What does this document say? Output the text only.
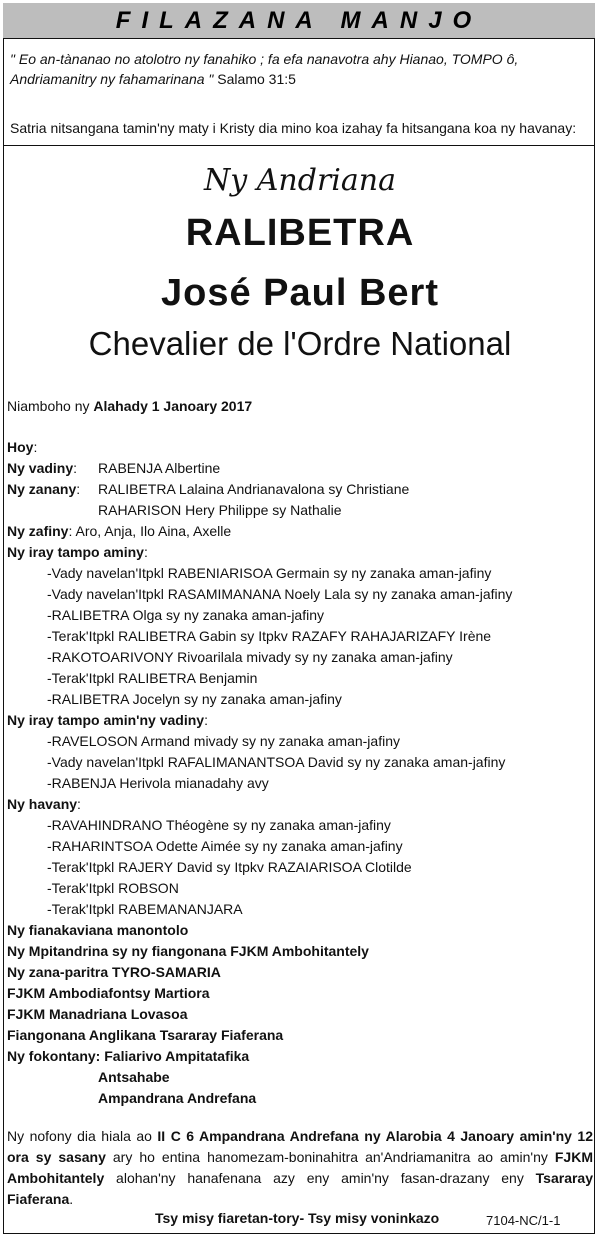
FILAZANA MANJO
" Eo an-tànanao no atolotro ny fanahiko ; fa efa nanavotra ahy Hianao, TOMPO ô, Andriamanitry ny fahamarinana " Salamo 31:5
Satria nitsangana tamin'ny maty i Kristy dia mino koa izahay fa hitsangana koa ny havanay:
Ny Andriana
RALIBETRA
José Paul Bert
Chevalier de l'Ordre National
Niamboho ny Alahady 1 Janoary 2017
Hoy:
Ny vadiny: RABENJA Albertine
Ny zanany: RALIBETRA Lalaina Andrianavalona sy Christiane
RAHARISON Hery Philippe sy Nathalie
Ny zafiny: Aro, Anja, Ilo Aina, Axelle
Ny iray tampo aminy:
-Vady navelan'Itpkl RABENIARISOA Germain sy ny zanaka aman-jafiny
-Vady navelan'Itpkl RASAMIMANANA Noely Lala sy ny zanaka aman-jafiny
-RALIBETRA Olga sy ny zanaka aman-jafiny
-Terak'Itpkl RALIBETRA Gabin sy Itpkv RAZAFY RAHAJARIZAFY Irène
-RAKOTOARIVONY Rivoarilala mivady sy ny zanaka aman-jafiny
-Terak'Itpkl RALIBETRA Benjamin
-RALIBETRA Jocelyn sy ny zanaka aman-jafiny
Ny iray tampo amin'ny vadiny:
-RAVELOSON Armand mivady sy ny zanaka aman-jafiny
-Vady navelan'Itpkl RAFALIMANANTSOA David sy ny zanaka aman-jafiny
-RABENJA Herivola mianadahy avy
Ny havany:
-RAVAHINDRANO Théogène sy ny zanaka aman-jafiny
-RAHARINTSOA Odette Aimée sy ny zanaka aman-jafiny
-Terak'Itpkl RAJERY David sy Itpkv RAZAIARISOA Clotilde
-Terak'Itpkl ROBSON
-Terak'Itpkl RABEMANANJARA
Ny fianakaviana manontolo
Ny Mpitandrina sy ny fiangonana FJKM Ambohitantely
Ny zana-paritra TYRO-SAMARIA
FJKM Ambodiafontsy Martiora
FJKM Manadriana Lovasoa
Fiangonana Anglikana Tsararay Fiaferana
Ny fokontany: Faliarivo Ampitatafika
Antsahabe
Ampandrana Andrefana
Ny nofony dia hiala ao II C 6 Ampandrana Andrefana ny Alarobia 4 Janoary amin'ny 12 ora sy sasany ary ho entina hanomezam-boninahitra an'Andriamanitra ao amin'ny FJKM Ambohitantely alohan'ny hanafenana azy eny amin'ny fasan-drazany eny Tsararay Fiaferana.
Tsy misy fiaretan-tory- Tsy misy voninkazo	7104-NC/1-1
